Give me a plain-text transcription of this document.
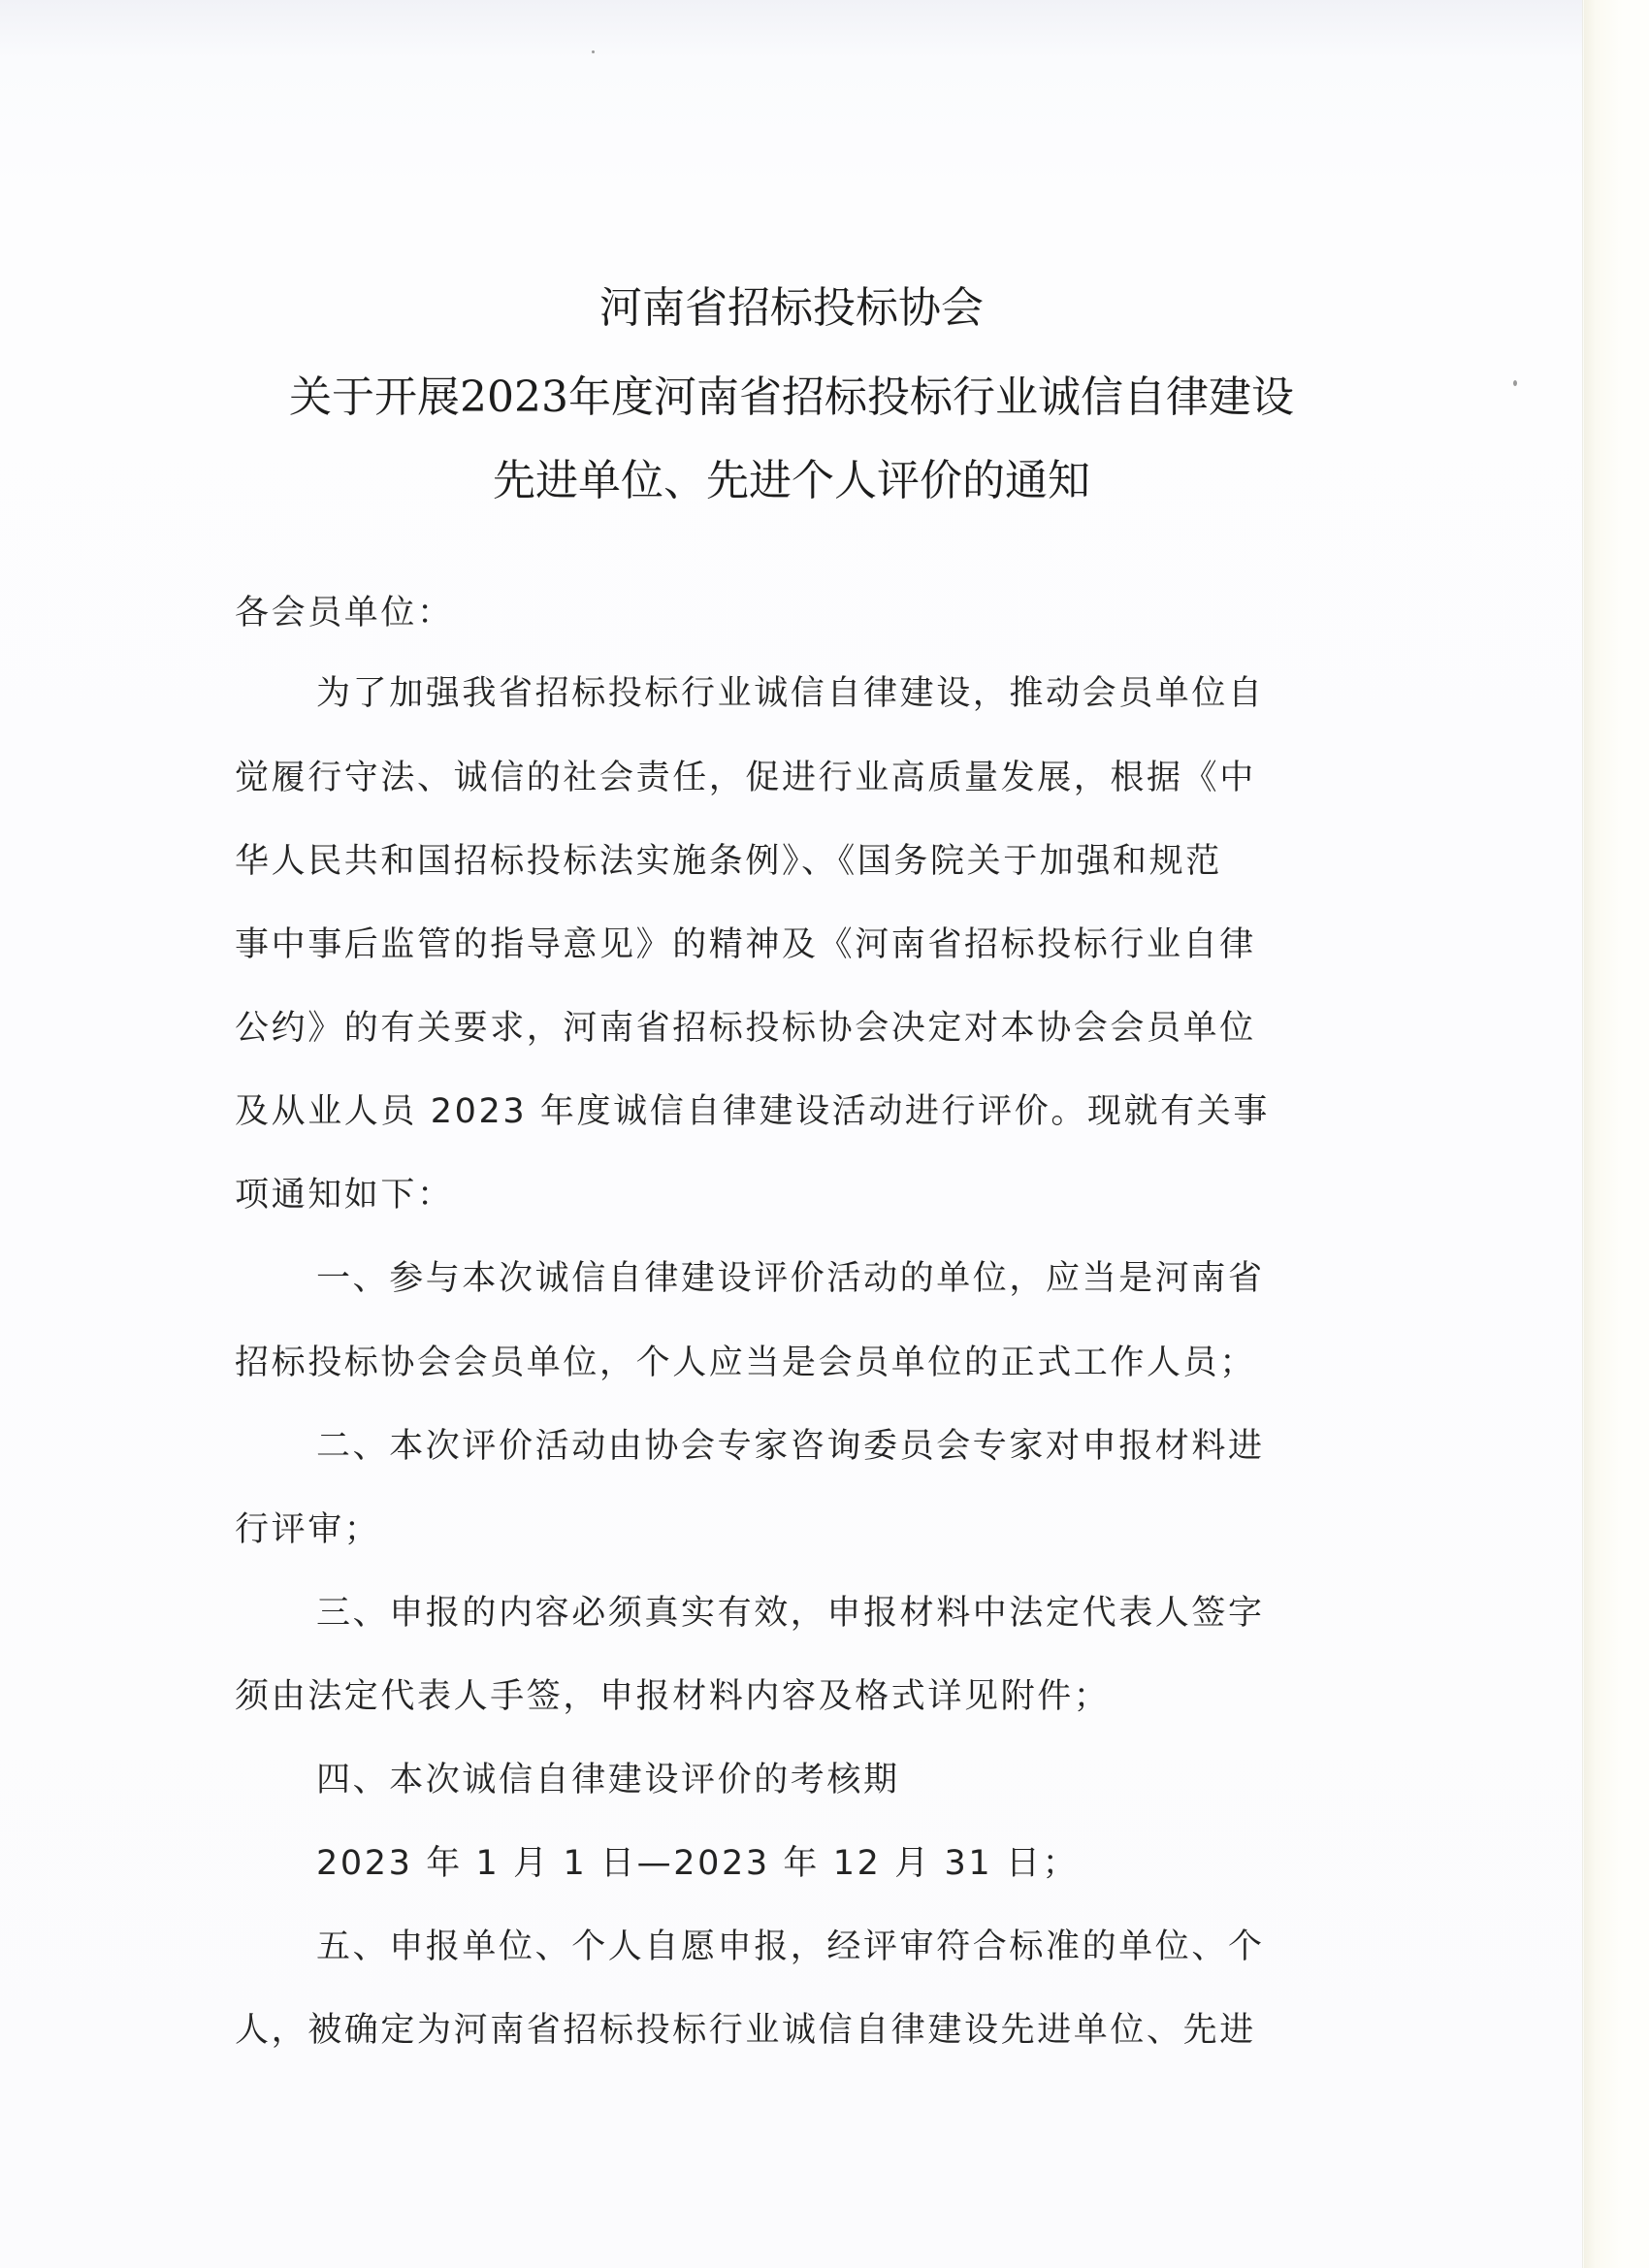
河南省招标投标协会
关于开展2023年度河南省招标投标行业诚信自律建设
先进单位、先进个人评价的通知
各会员单位：
为了加强我省招标投标行业诚信自律建设，推动会员单位自
觉履行守法、诚信的社会责任，促进行业高质量发展，根据《中
华人民共和国招标投标法实施条例》、《国务院关于加强和规范
事中事后监管的指导意见》的精神及《河南省招标投标行业自律
公约》的有关要求，河南省招标投标协会决定对本协会会员单位
及从业人员 2023 年度诚信自律建设活动进行评价。现就有关事
项通知如下：
一、参与本次诚信自律建设评价活动的单位，应当是河南省
招标投标协会会员单位，个人应当是会员单位的正式工作人员；
二、本次评价活动由协会专家咨询委员会专家对申报材料进
行评审；
三、申报的内容必须真实有效，申报材料中法定代表人签字
须由法定代表人手签，申报材料内容及格式详见附件；
四、本次诚信自律建设评价的考核期
2023 年 1 月 1 日—2023 年 12 月 31 日；
五、申报单位、个人自愿申报，经评审符合标准的单位、个
人，被确定为河南省招标投标行业诚信自律建设先进单位、先进
